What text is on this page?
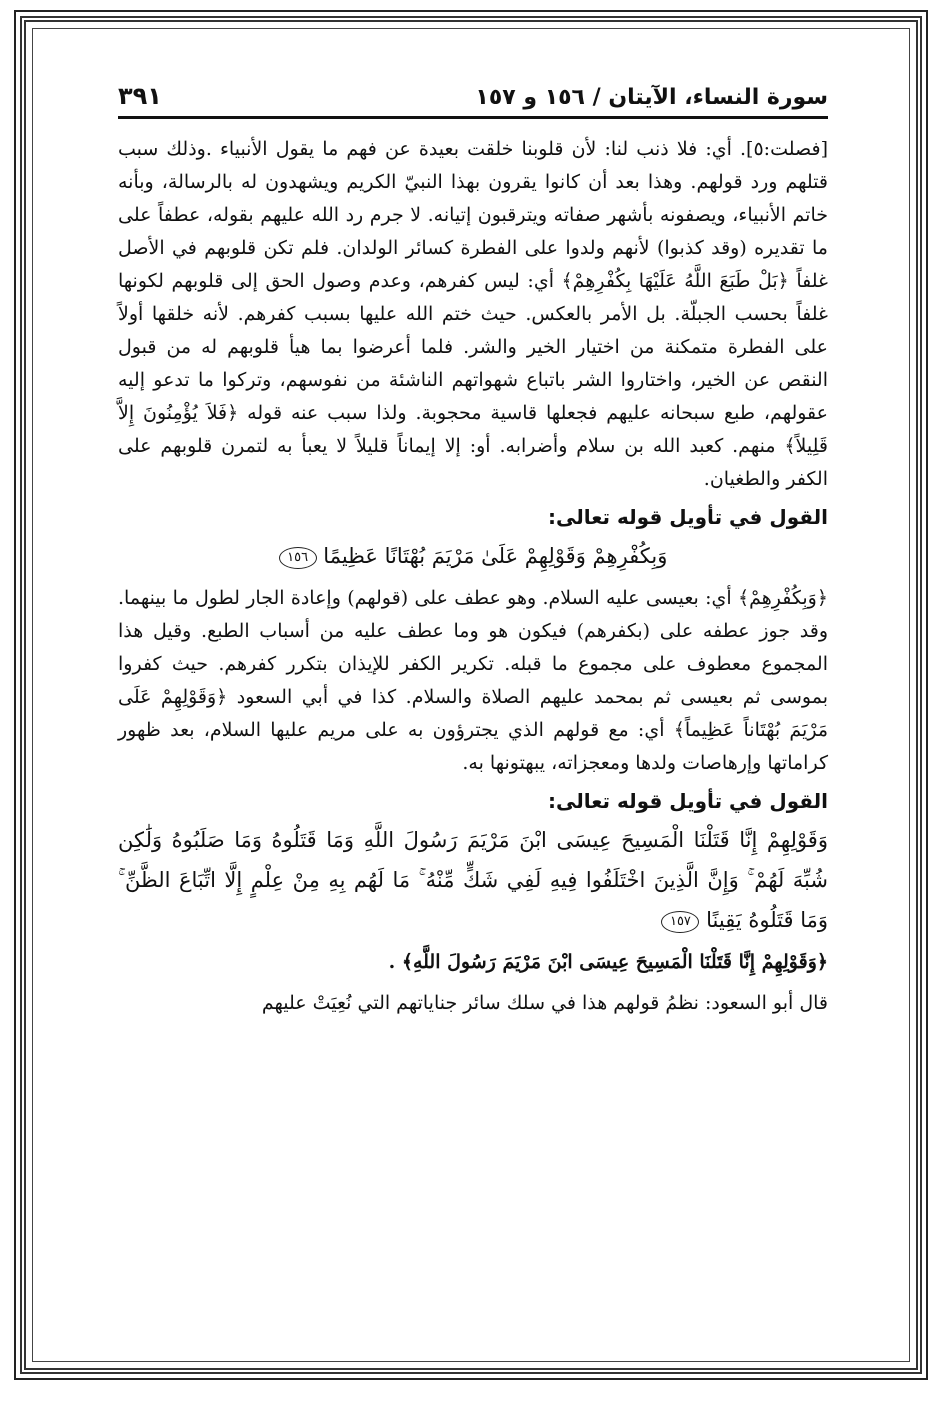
سورة النساء، الآيتان / ١٥٦ و ١٥٧
٣٩١

[فصلت:٥]. أي: فلا ذنب لنا: لأن قلوبنا خلقت بعيدة عن فهم ما يقول الأنبياء .وذلك سبب قتلهم ورد قولهم. وهذا بعد أن كانوا يقرون بهذا النبيّ الكريم ويشهدون له بالرسالة، وبأنه خاتم الأنبياء، ويصفونه بأشهر صفاته ويترقبون إتيانه. لا جرم رد الله عليهم بقوله، عطفاً على ما تقديره (وقد كذبوا) لأنهم ولدوا على الفطرة كسائر الولدان. فلم تكن قلوبهم في الأصل غلفاً ﴿بَلْ طَبَعَ اللَّهُ عَلَيْهَا بِكُفْرِهِمْ﴾ أي: ليس كفرهم، وعدم وصول الحق إلى قلوبهم لكونها غلفاً بحسب الجبلّة. بل الأمر بالعكس. حيث ختم الله عليها بسبب كفرهم. لأنه خلقها أولاً على الفطرة متمكنة من اختيار الخير والشر. فلما أعرضوا بما هيأ قلوبهم له من قبول النقص عن الخير، واختاروا الشر باتباع شهواتهم الناشئة من نفوسهم، وتركوا ما تدعو إليه عقولهم، طبع سبحانه عليهم فجعلها قاسية محجوبة. ولذا سبب عنه قوله ﴿فَلاَ يُؤْمِنُونَ إِلاَّ قَلِيلاً﴾ منهم. كعبد الله بن سلام وأضرابه. أو: إلا إيماناً قليلاً لا يعبأ به لتمرن قلوبهم على الكفر والطغيان.

القول في تأويل قوله تعالى:
وَبِكُفْرِهِمْ وَقَوْلِهِمْ عَلَىٰ مَرْيَمَ بُهْتَانًا عَظِيمًا ١٥٦

﴿وَبِكُفْرِهِمْ﴾ أي: بعيسى عليه السلام. وهو عطف على (قولهم) وإعادة الجار لطول ما بينهما. وقد جوز عطفه على (بكفرهم) فيكون هو وما عطف عليه من أسباب الطبع. وقيل هذا المجموع معطوف على مجموع ما قبله. تكرير الكفر للإيذان بتكرر كفرهم. حيث كفروا بموسى ثم بعيسى ثم بمحمد عليهم الصلاة والسلام. كذا في أبي السعود ﴿وَقَوْلِهِمْ عَلَى مَرْيَمَ بُهْتَاناً عَظِيماً﴾ أي: مع قولهم الذي يجترؤون به على مريم عليها السلام، بعد ظهور كراماتها وإرهاصات ولدها ومعجزاته، يبهتونها به.

القول في تأويل قوله تعالى:
وَقَوْلِهِمْ إِنَّا قَتَلْنَا الْمَسِيحَ عِيسَى ابْنَ مَرْيَمَ رَسُولَ اللَّهِ وَمَا قَتَلُوهُ وَمَا صَلَبُوهُ وَلَٰكِن شُبِّهَ لَهُمْ ۚ وَإِنَّ الَّذِينَ اخْتَلَفُوا فِيهِ لَفِي شَكٍّ مِّنْهُ ۚ مَا لَهُم بِهِ مِنْ عِلْمٍ إِلَّا اتِّبَاعَ الظَّنِّ ۚ وَمَا قَتَلُوهُ يَقِينًا ١٥٧
﴿وَقَوْلِهِمْ إِنَّا قَتَلْنَا الْمَسِيحَ عِيسَى ابْنَ مَرْيَمَ رَسُولَ اللَّهِ﴾ .

قال أبو السعود: نظمُ قولهم هذا في سلك سائر جناياتهم التي نُعِيَتْ عليهم
